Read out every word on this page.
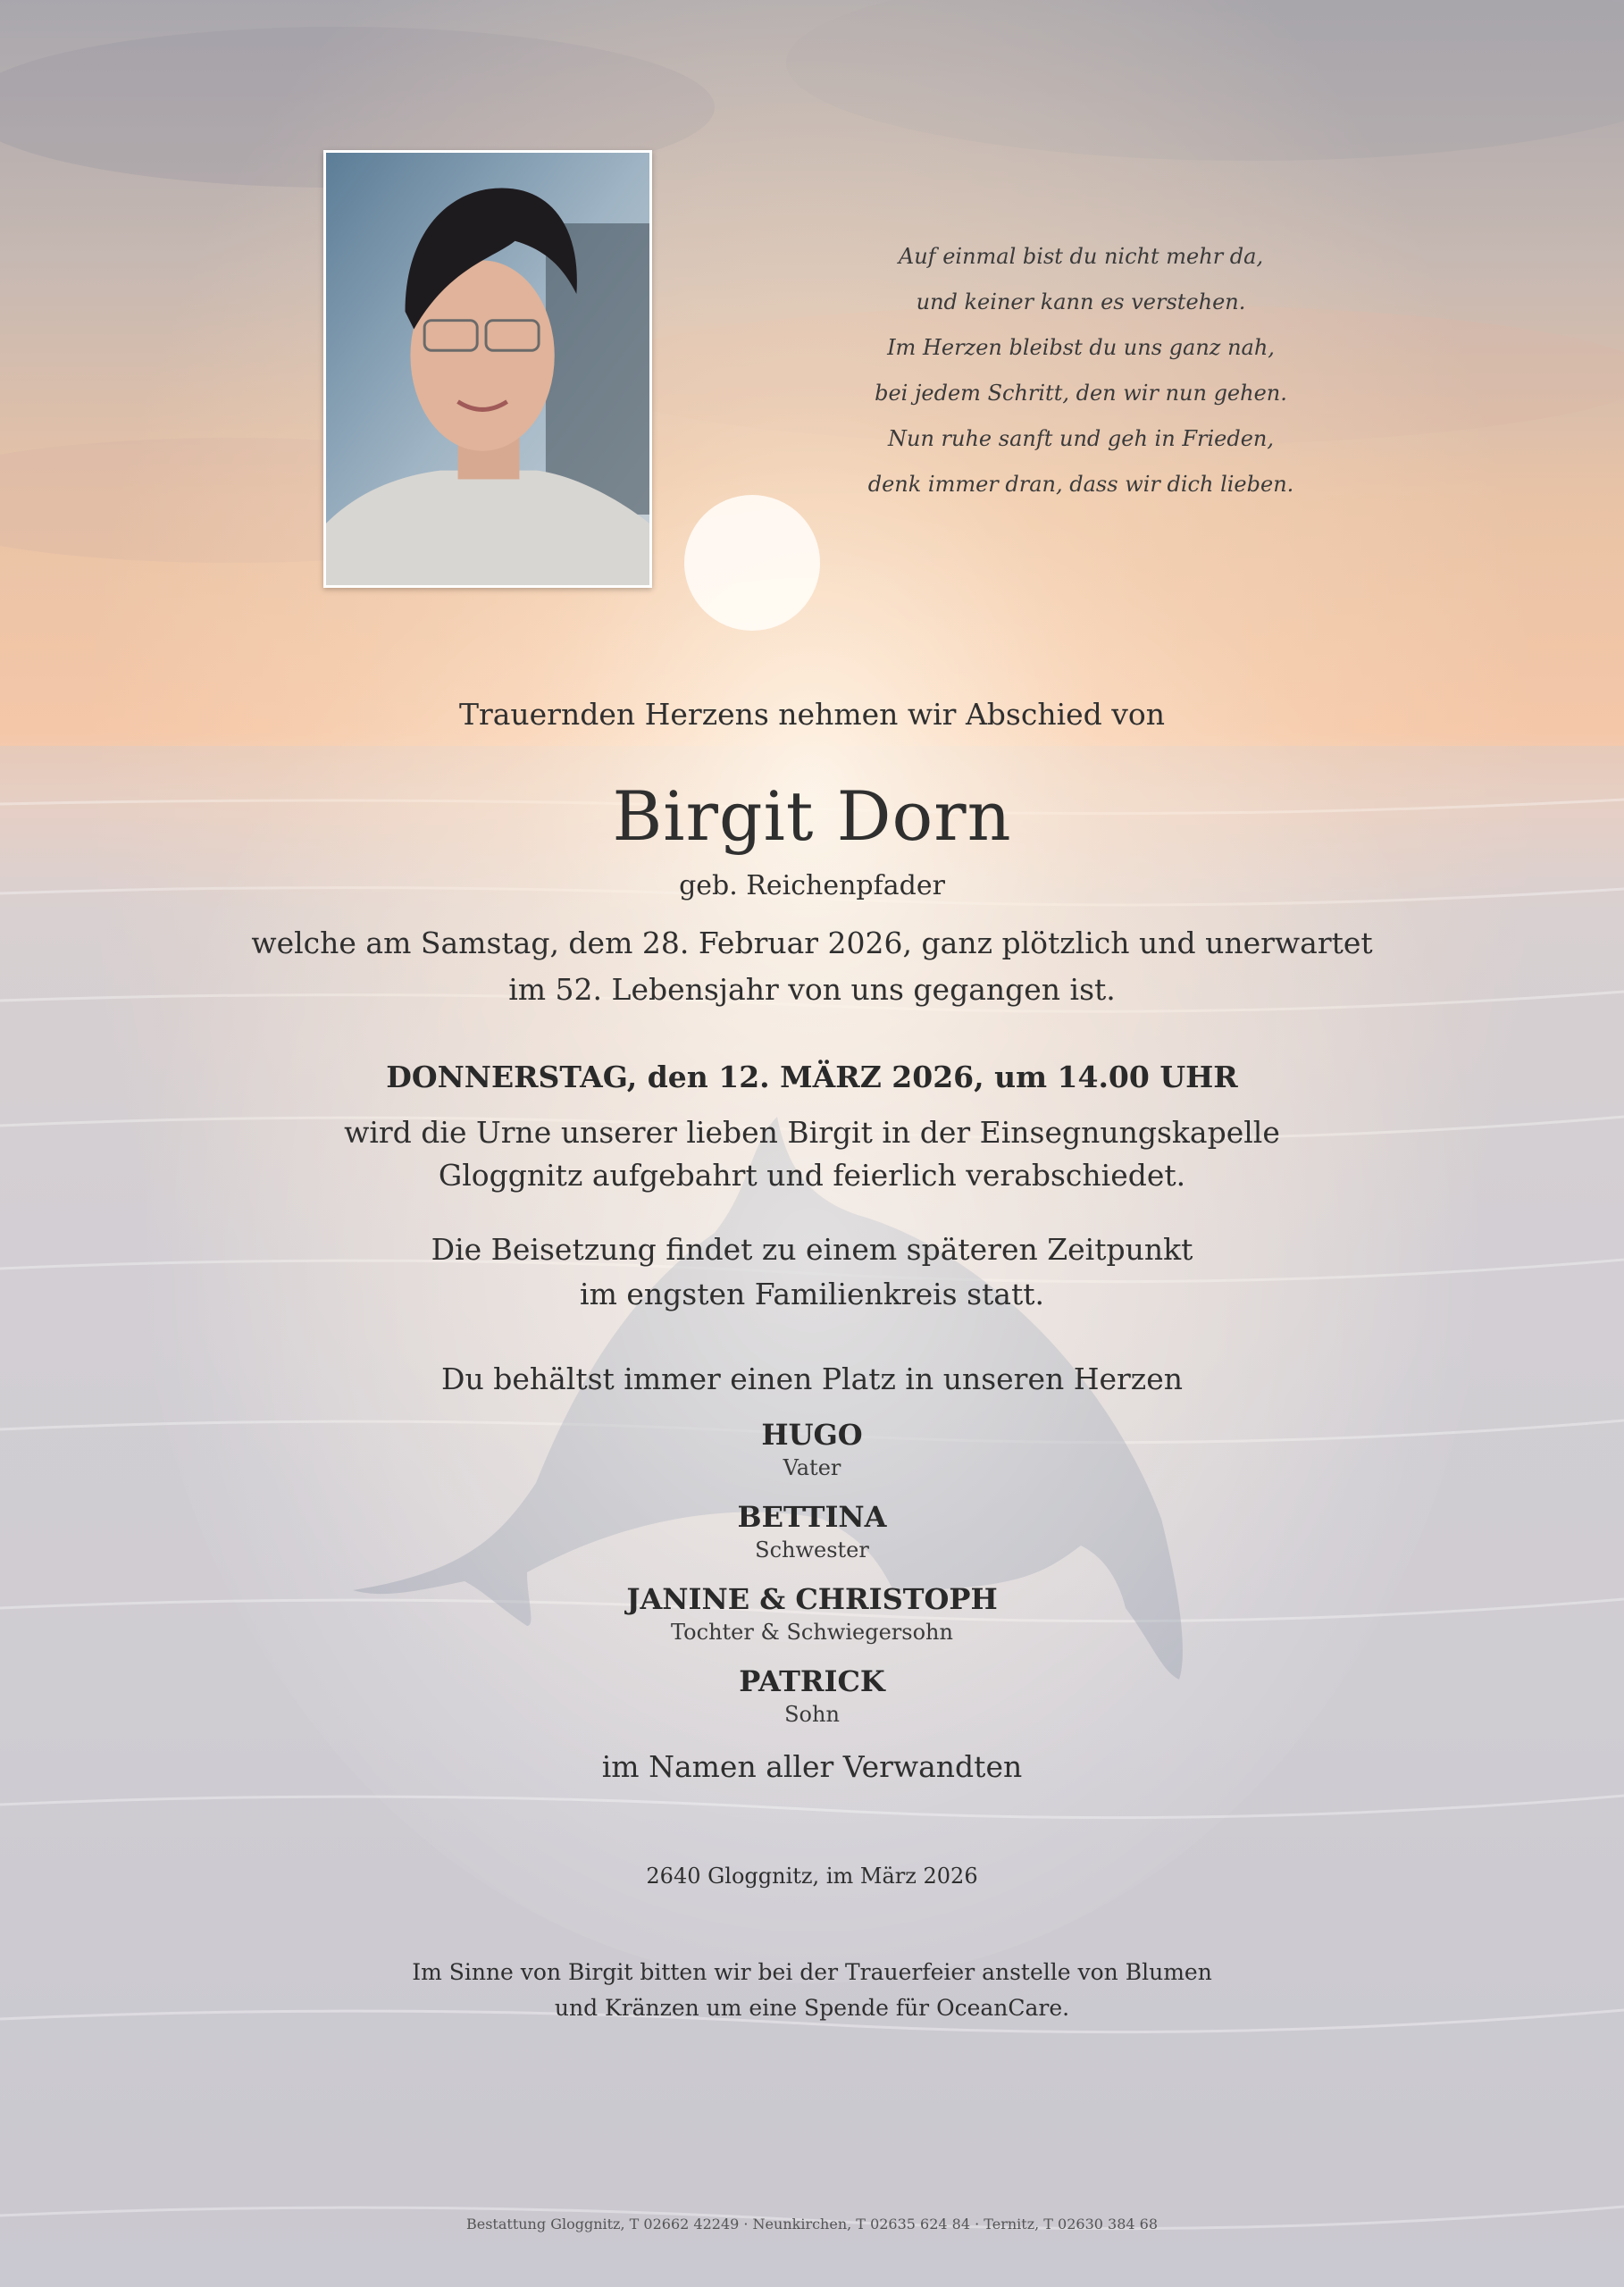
Auf einmal bist du nicht mehr da,
und keiner kann es verstehen.
Im Herzen bleibst du uns ganz nah,
bei jedem Schritt, den wir nun gehen.
Nun ruhe sanft und geh in Frieden,
denk immer dran, dass wir dich lieben.
Trauernden Herzens nehmen wir Abschied von
Birgit Dorn
geb. Reichenpfader
welche am Samstag, dem 28. Februar 2026, ganz plötzlich und unerwartet
im 52. Lebensjahr von uns gegangen ist.
DONNERSTAG, den 12. MÄRZ 2026, um 14.00 UHR
wird die Urne unserer lieben Birgit in der Einsegnungskapelle
Gloggnitz aufgebahrt und feierlich verabschiedet.
Die Beisetzung findet zu einem späteren Zeitpunkt
im engsten Familienkreis statt.
Du behältst immer einen Platz in unseren Herzen
HUGO
Vater
BETTINA
Schwester
JANINE & CHRISTOPH
Tochter & Schwiegersohn
PATRICK
Sohn
im Namen aller Verwandten
2640 Gloggnitz, im März 2026
Im Sinne von Birgit bitten wir bei der Trauerfeier anstelle von Blumen
und Kränzen um eine Spende für OceanCare.
Bestattung Gloggnitz, T 02662 42249 · Neunkirchen, T 02635 624 84 · Ternitz, T 02630 384 68
